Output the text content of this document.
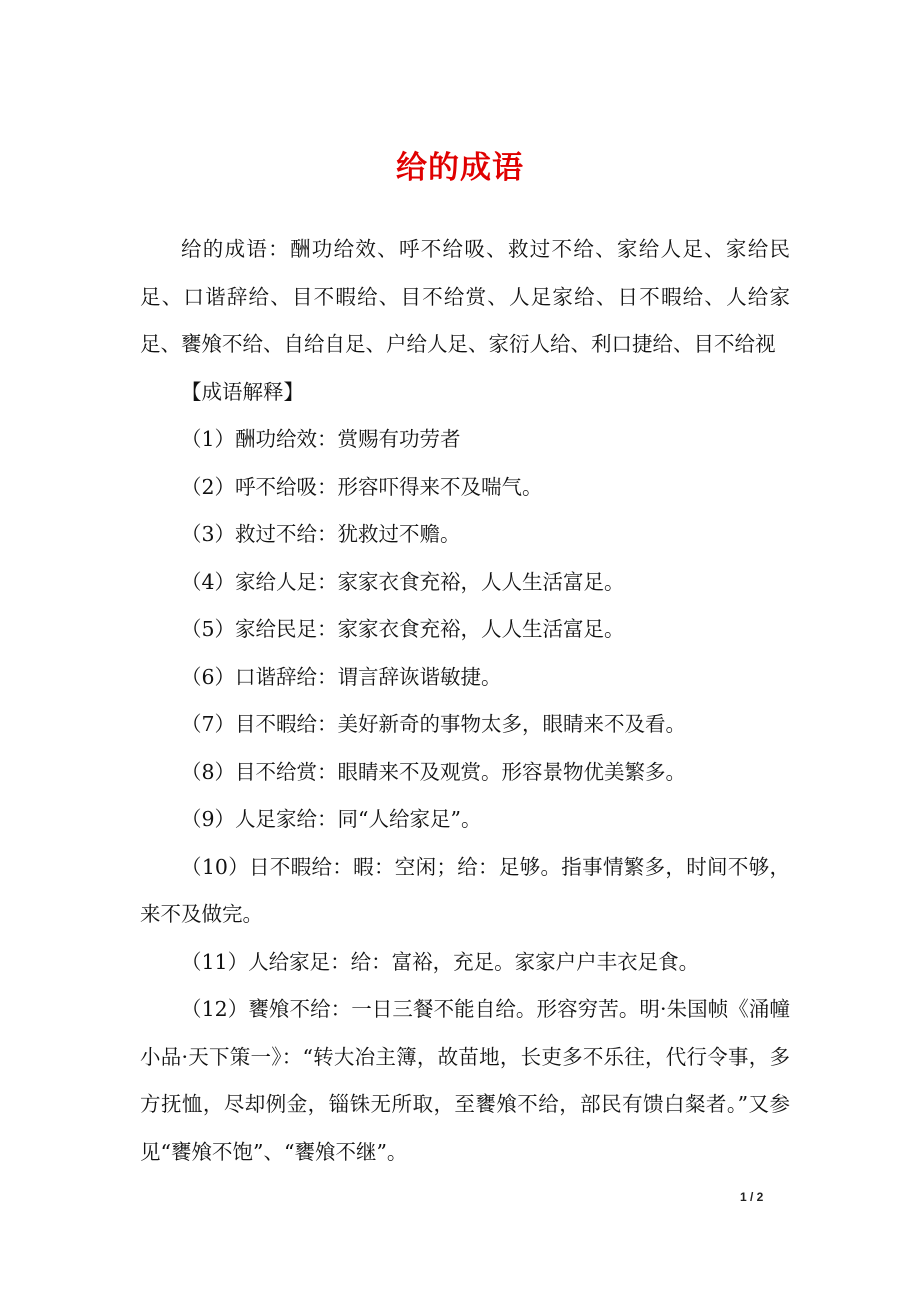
给的成语

给的成语：酬功给效、呼不给吸、救过不给、家给人足、家给民足、口谐辞给、目不暇给、目不给赏、人足家给、日不暇给、人给家足、饔飧不给、自给自足、户给人足、家衍人给、利口捷给、目不给视

【成语解释】

（1）酬功给效：赏赐有功劳者

（2）呼不给吸：形容吓得来不及喘气。

（3）救过不给：犹救过不赡。

（4）家给人足：家家衣食充裕，人人生活富足。

（5）家给民足：家家衣食充裕，人人生活富足。

（6）口谐辞给：谓言辞诙谐敏捷。

（7）目不暇给：美好新奇的事物太多，眼睛来不及看。

（8）目不给赏：眼睛来不及观赏。形容景物优美繁多。

（9）人足家给：同“人给家足”。

（10）日不暇给：暇：空闲；给：足够。指事情繁多，时间不够，来不及做完。

（11）人给家足：给：富裕，充足。家家户户丰衣足食。

（12）饔飧不给：一日三餐不能自给。形容穷苦。明·朱国帧《涌幢小品·天下策一》：“转大冶主簿，故苗地，长吏多不乐往，代行令事，多方抚恤，尽却例金，锱铢无所取，至饔飧不给，部民有馈白粲者。”又参见“饔飧不饱”、“饔飧不继”。

1 / 2
